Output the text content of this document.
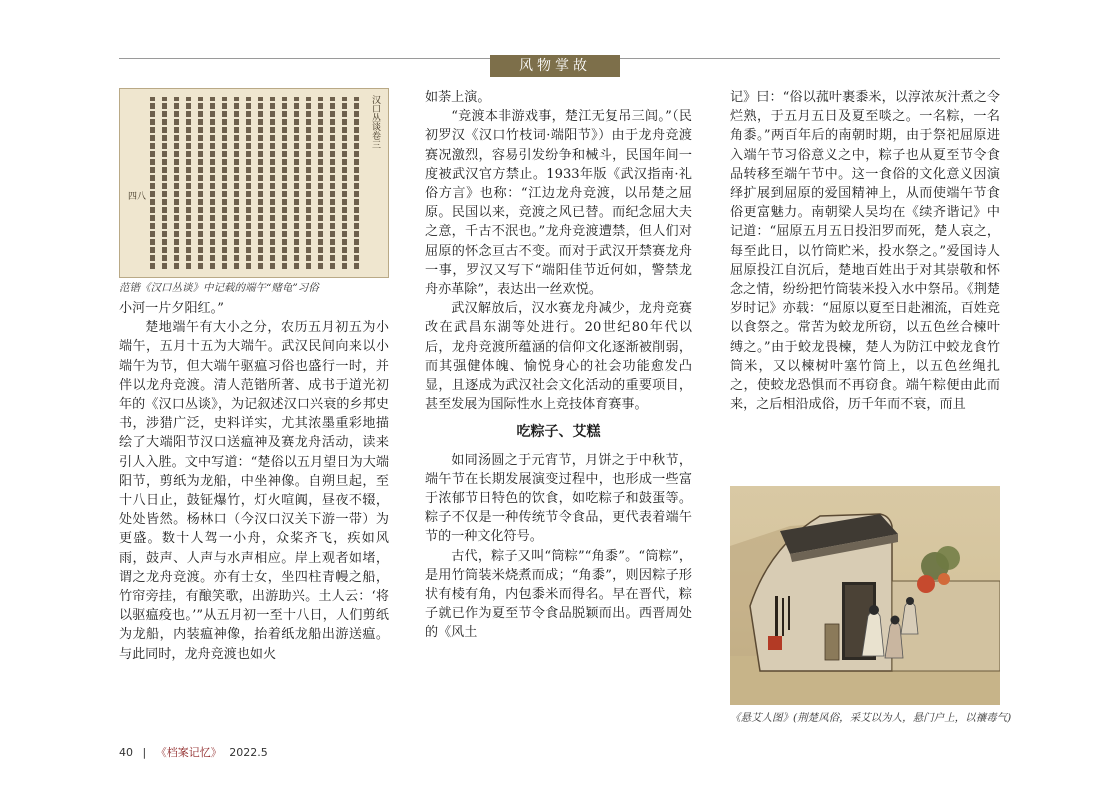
风物掌故
汉口丛谈卷三
四八
范锴《汉口丛谈》中记载的端午“赌龟”习俗

小河一片夕阳红。”

楚地端午有大小之分，农历五月初五为小端午，五月十五为大端午。武汉民间向来以小端午为节，但大端午驱瘟习俗也盛行一时，并伴以龙舟竞渡。清人范锴所著、成书于道光初年的《汉口丛谈》，为记叙述汉口兴衰的乡邦史书，涉猎广泛，史料详实，尤其浓墨重彩地描绘了大端阳节汉口送瘟神及赛龙舟活动，读来引人入胜。文中写道：“楚俗以五月望日为大端阳节，剪纸为龙船，中坐神像。自朔旦起，至十八日止，鼓钲爆竹，灯火喧阗，昼夜不辍，处处皆然。杨林口（今汉口汉关下游一带）为更盛。数十人驾一小舟，众桨齐飞，疾如风雨，鼓声、人声与水声相应。岸上观者如堵，谓之龙舟竞渡。亦有士女，坐四柱青幔之船，竹帘旁挂，有酿笑歌，出游助兴。土人云：‘将以驱瘟疫也。’”从五月初一至十八日，人们剪纸为龙船，内装瘟神像，抬着纸龙船出游送瘟。与此同时，龙舟竞渡也如火

如荼上演。

“竞渡本非游戏事，楚江无复吊三闾。”（民初罗汉《汉口竹枝词·端阳节》）由于龙舟竞渡赛况激烈，容易引发纷争和械斗，民国年间一度被武汉官方禁止。1933年版《武汉指南·礼俗方言》也称：“江边龙舟竞渡，以吊楚之屈原。民国以来，竞渡之风已替。而纪念屈大夫之意，千古不泯也。”龙舟竞渡遭禁，但人们对屈原的怀念亘古不变。而对于武汉开禁赛龙舟一事，罗汉又写下“端阳佳节近何如，警禁龙舟亦革除”，表达出一丝欢悦。

武汉解放后，汉水赛龙舟减少，龙舟竞赛改在武昌东湖等处进行。20世纪80年代以后，龙舟竞渡所蕴涵的信仰文化逐渐被削弱，而其强健体魄、愉悦身心的社会功能愈发凸显，且逐成为武汉社会文化活动的重要项目，甚至发展为国际性水上竞技体育赛事。

吃粽子、艾糕

如同汤圆之于元宵节，月饼之于中秋节，端午节在长期发展演变过程中，也形成一些富于浓郁节日特色的饮食，如吃粽子和鼓蛋等。粽子不仅是一种传统节令食品，更代表着端午节的一种文化符号。

古代，粽子又叫“筒粽”“角黍”。“筒粽”，是用竹筒装米烧煮而成；“角黍”，则因粽子形状有棱有角，内包黍米而得名。早在晋代，粽子就已作为夏至节令食品脱颖而出。西晋周处的《风土

记》曰：“俗以菰叶裹黍米，以淳浓灰汁煮之令烂熟，于五月五日及夏至啖之。一名粽，一名角黍。”两百年后的南朝时期，由于祭祀屈原进入端午节习俗意义之中，粽子也从夏至节令食品转移至端午节中。这一食俗的文化意义因演绎扩展到屈原的爱国精神上，从而使端午节食俗更富魅力。南朝梁人吴均在《续齐谐记》中记道：“屈原五月五日投汨罗而死，楚人哀之，每至此日，以竹筒贮米，投水祭之。”爱国诗人屈原投江自沉后，楚地百姓出于对其崇敬和怀念之情，纷纷把竹筒装米投入水中祭吊。《荆楚岁时记》亦载：“屈原以夏至日赴湘流，百姓竞以食祭之。常苦为蛟龙所窃，以五色丝合楝叶缚之。”由于蛟龙畏楝，楚人为防江中蛟龙食竹筒米，又以楝树叶塞竹筒上，以五色丝绳扎之，使蛟龙恐惧而不再窃食。端午粽便由此而来，之后相沿成俗，历千年而不衰，而且

《悬艾人图》(荆楚风俗，采艾以为人，悬门户上，以禳毒气)
40 | 《档案记忆》 2022.5
